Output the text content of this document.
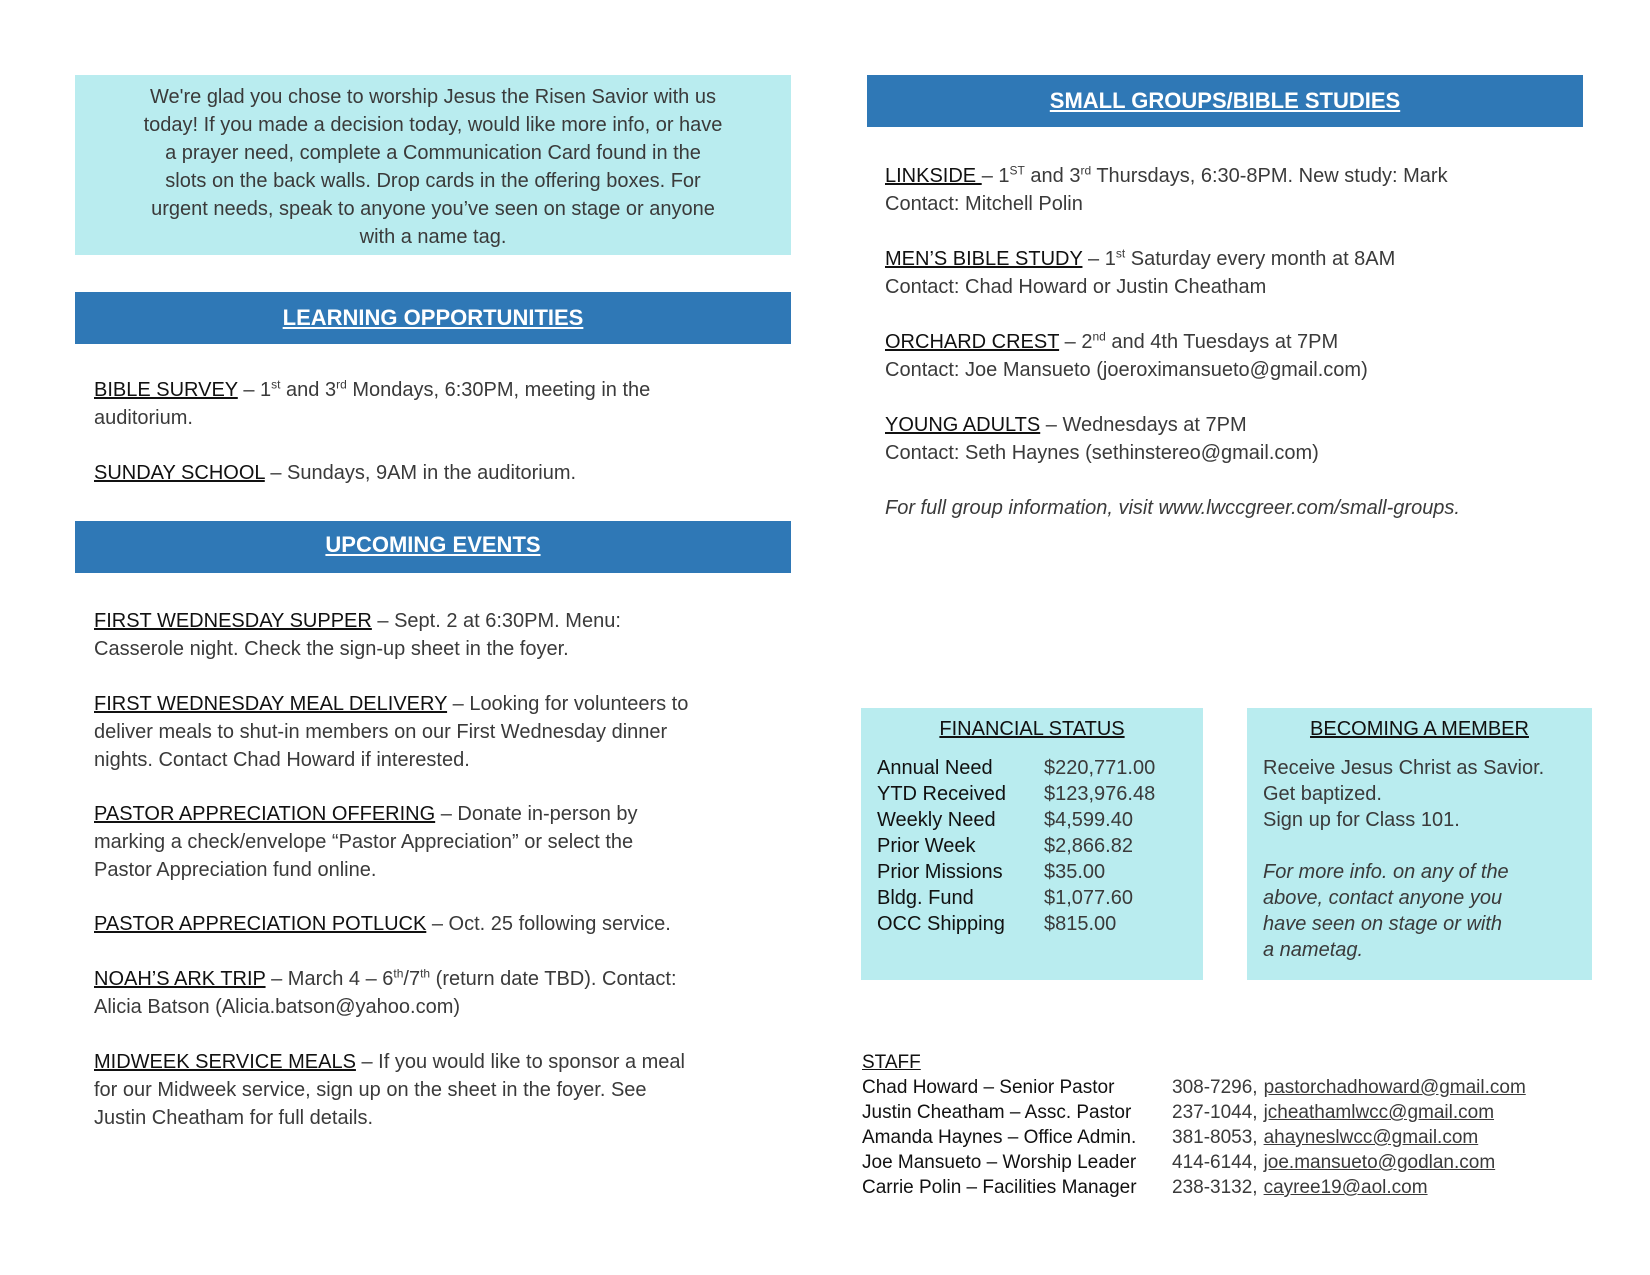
We're glad you chose to worship Jesus the Risen Savior with us
today! If you made a decision today, would like more info, or have
a prayer need, complete a Communication Card found in the
slots on the back walls. Drop cards in the offering boxes. For
urgent needs, speak to anyone you’ve seen on stage or anyone
with a name tag.
LEARNING OPPORTUNITIES
BIBLE SURVEY – 1st and 3rd Mondays, 6:30PM, meeting in the
auditorium.
SUNDAY SCHOOL – Sundays, 9AM in the auditorium.
UPCOMING EVENTS
FIRST WEDNESDAY SUPPER – Sept. 2 at 6:30PM. Menu:
Casserole night. Check the sign-up sheet in the foyer.
FIRST WEDNESDAY MEAL DELIVERY – Looking for volunteers to
deliver meals to shut-in members on our First Wednesday dinner
nights. Contact Chad Howard if interested.
PASTOR APPRECIATION OFFERING – Donate in-person by
marking a check/envelope “Pastor Appreciation” or select the
Pastor Appreciation fund online.
PASTOR APPRECIATION POTLUCK – Oct. 25 following service.
NOAH’S ARK TRIP – March 4 – 6th/7th (return date TBD). Contact:
Alicia Batson (Alicia.batson@yahoo.com)
MIDWEEK SERVICE MEALS – If you would like to sponsor a meal
for our Midweek service, sign up on the sheet in the foyer. See
Justin Cheatham for full details.
SMALL GROUPS/BIBLE STUDIES
LINKSIDE – 1ST and 3rd Thursdays, 6:30-8PM. New study: Mark
Contact: Mitchell Polin
MEN’S BIBLE STUDY – 1st Saturday every month at 8AM
Contact: Chad Howard or Justin Cheatham
ORCHARD CREST – 2nd and 4th Tuesdays at 7PM
Contact: Joe Mansueto (joeroximansueto@gmail.com)
YOUNG ADULTS – Wednesdays at 7PM
Contact: Seth Haynes (sethinstereo@gmail.com)
For full group information, visit www.lwccgreer.com/small-groups.
FINANCIAL STATUS
Annual Need	$220,771.00
YTD Received	$123,976.48
Weekly Need	$4,599.40
Prior Week	$2,866.82
Prior Missions	$35.00
Bldg. Fund	$1,077.60
OCC Shipping	$815.00
BECOMING A MEMBER
Receive Jesus Christ as Savior.
Get baptized.
Sign up for Class 101.
For more info. on any of the
above, contact anyone you
have seen on stage or with
a nametag.
STAFF
Chad Howard – Senior Pastor	308-7296, pastorchadhoward@gmail.com
Justin Cheatham – Assc. Pastor	237-1044, jcheathamlwcc@gmail.com
Amanda Haynes – Office Admin.	381-8053, ahayneslwcc@gmail.com
Joe Mansueto – Worship Leader	414-6144, joe.mansueto@godlan.com
Carrie Polin – Facilities Manager	238-3132, cayree19@aol.com
